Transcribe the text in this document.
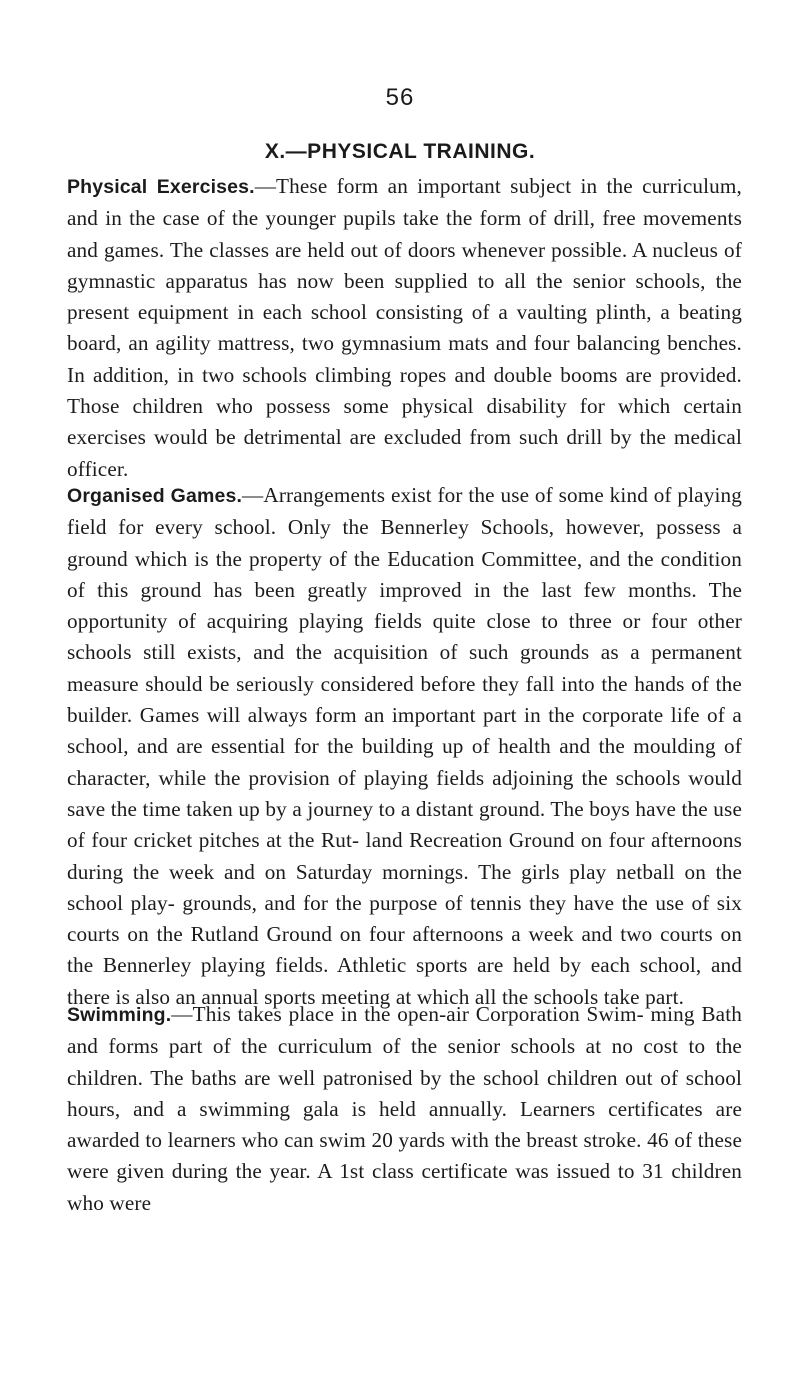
56
X.—PHYSICAL TRAINING.

Physical Exercises.—These form an important subject in the curriculum, and in the case of the younger pupils take the form of drill, free movements and games. The classes are held out of doors whenever possible. A nucleus of gymnastic apparatus has now been supplied to all the senior schools, the present equipment in each school consisting of a vaulting plinth, a beating board, an agility mattress, two gymnasium mats and four balancing benches. In addition, in two schools climbing ropes and double booms are provided. Those children who possess some physical disability for which certain exercises would be detrimental are excluded from such drill by the medical officer.

Organised Games.—Arrangements exist for the use of some kind of playing field for every school. Only the Bennerley Schools, however, possess a ground which is the property of the Education Committee, and the condition of this ground has been greatly improved in the last few months. The opportunity of acquiring playing fields quite close to three or four other schools still exists, and the acquisition of such grounds as a permanent measure should be seriously considered before they fall into the hands of the builder. Games will always form an important part in the corporate life of a school, and are essential for the building up of health and the moulding of character, while the provision of playing fields adjoining the schools would save the time taken up by a journey to a distant ground. The boys have the use of four cricket pitches at the Rut- land Recreation Ground on four afternoons during the week and on Saturday mornings. The girls play netball on the school play- grounds, and for the purpose of tennis they have the use of six courts on the Rutland Ground on four afternoons a week and two courts on the Bennerley playing fields. Athletic sports are held by each school, and there is also an annual sports meeting at which all the schools take part.

Swimming.—This takes place in the open-air Corporation Swim- ming Bath and forms part of the curriculum of the senior schools at no cost to the children. The baths are well patronised by the school children out of school hours, and a swimming gala is held annually. Learners certificates are awarded to learners who can swim 20 yards with the breast stroke. 46 of these were given during the year. A 1st class certificate was issued to 31 children who were
